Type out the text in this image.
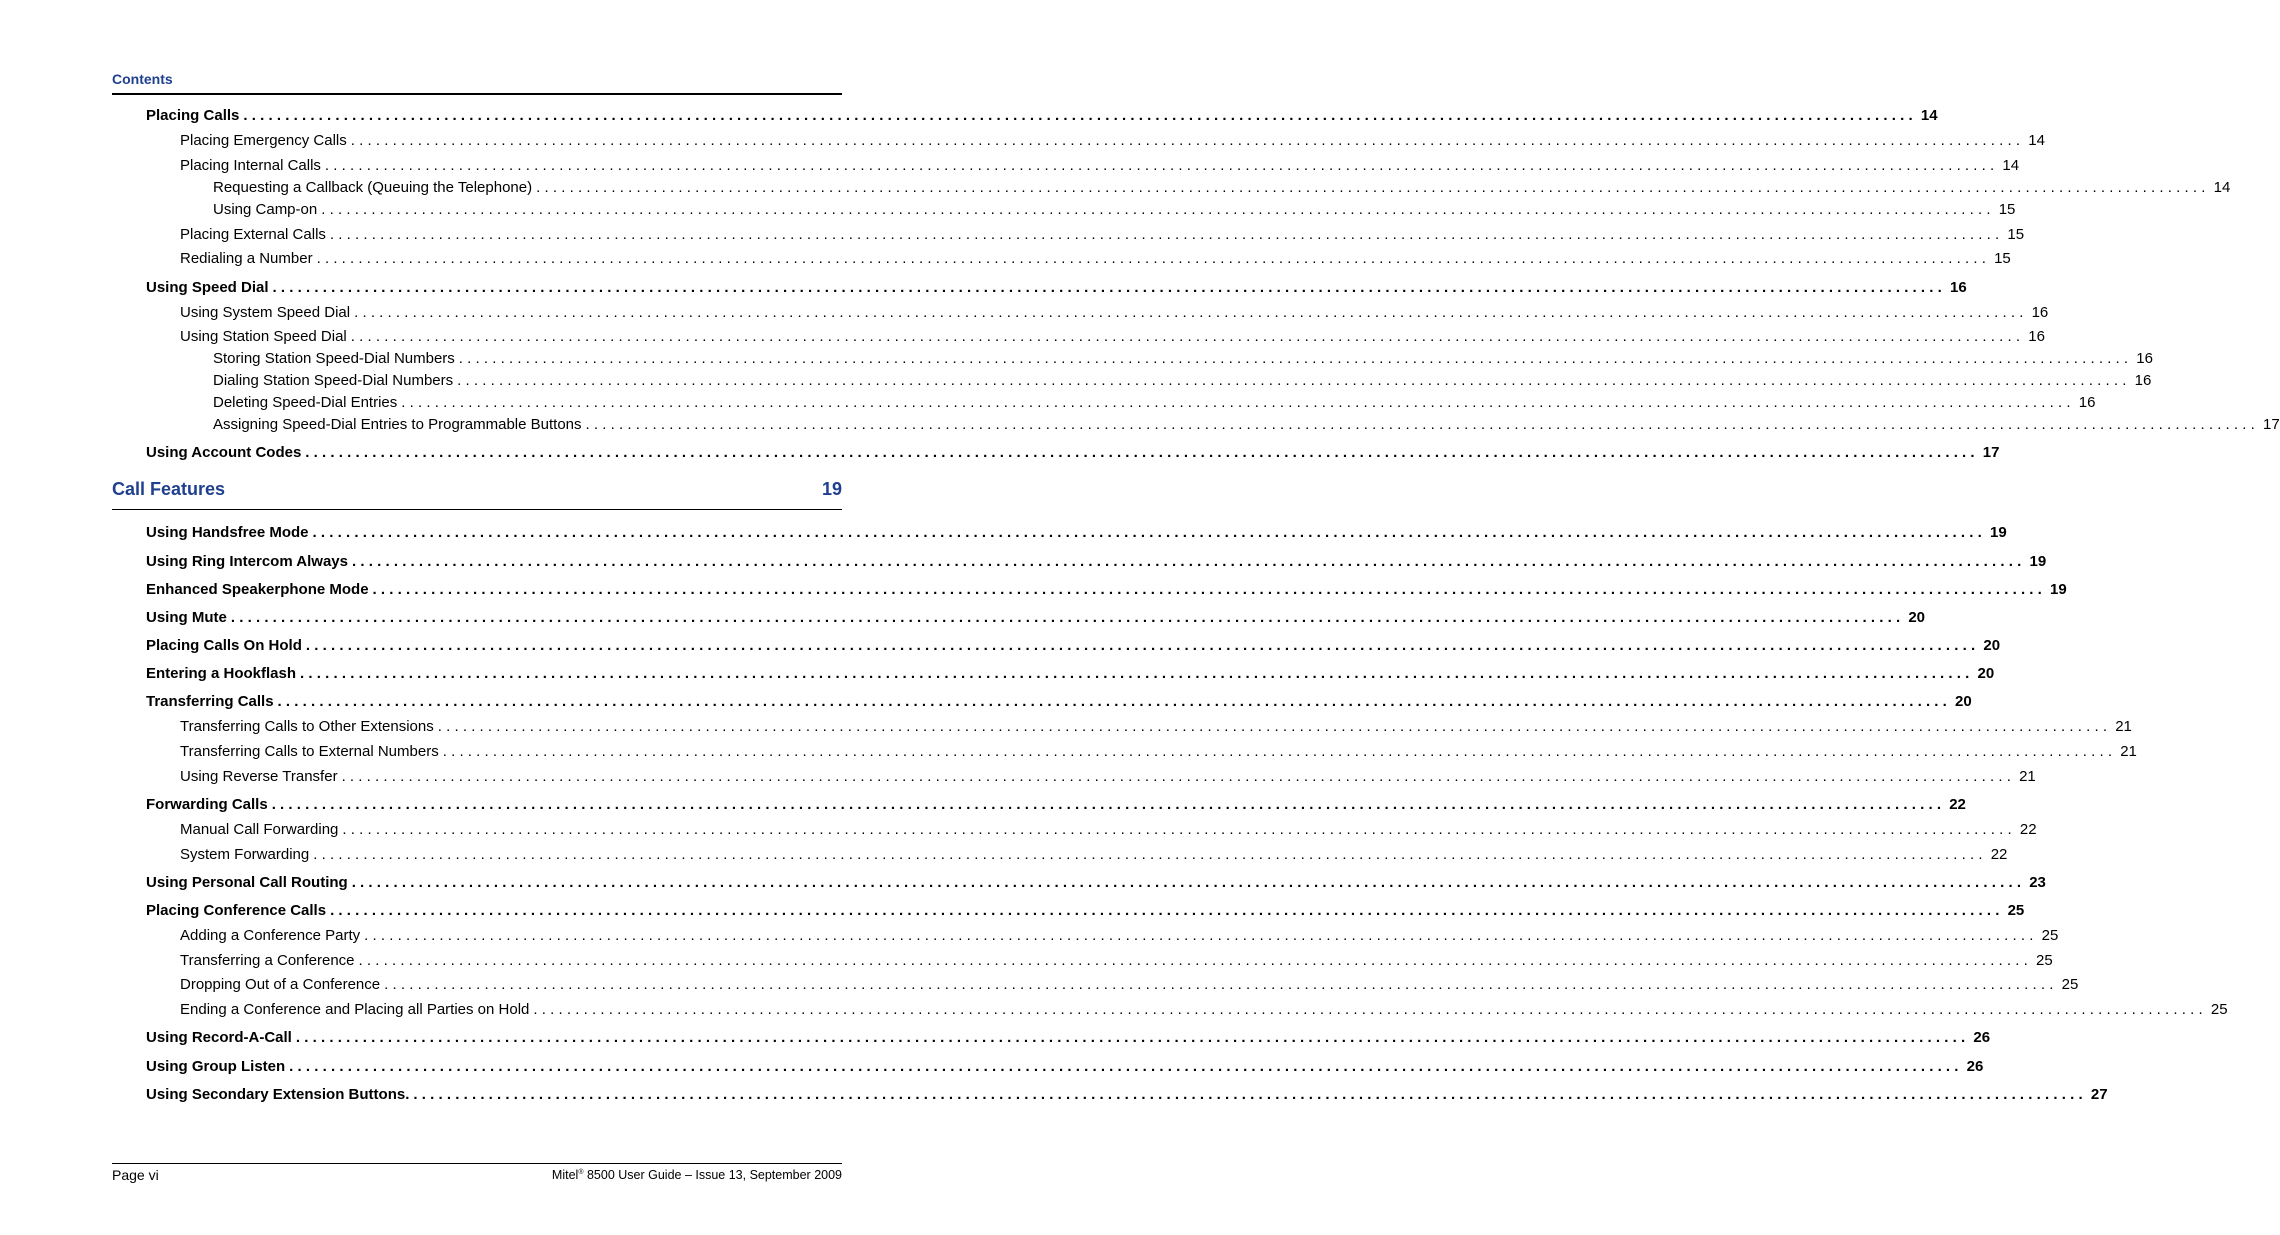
Contents
Placing Calls ........................................................................................................................................................................................................ 14
Placing Emergency Calls ........................................................................................................................................................................................................ 14
Placing Internal Calls ........................................................................................................................................................................................................ 14
Requesting a Callback (Queuing the Telephone) ........................................................................................................................................................................................................ 14
Using Camp-on ........................................................................................................................................................................................................ 15
Placing External Calls ........................................................................................................................................................................................................ 15
Redialing a Number ........................................................................................................................................................................................................ 15
Using Speed Dial ........................................................................................................................................................................................................ 16
Using System Speed Dial ........................................................................................................................................................................................................ 16
Using Station Speed Dial ........................................................................................................................................................................................................ 16
Storing Station Speed-Dial Numbers ........................................................................................................................................................................................................ 16
Dialing Station Speed-Dial Numbers ........................................................................................................................................................................................................ 16
Deleting Speed-Dial Entries ........................................................................................................................................................................................................ 16
Assigning Speed-Dial Entries to Programmable Buttons ........................................................................................................................................................................................................ 17
Using Account Codes ........................................................................................................................................................................................................ 17
Call Features	19
Using Handsfree Mode ........................................................................................................................................................................................................ 19
Using Ring Intercom Always ........................................................................................................................................................................................................ 19
Enhanced Speakerphone Mode ........................................................................................................................................................................................................ 19
Using Mute ........................................................................................................................................................................................................ 20
Placing Calls On Hold ........................................................................................................................................................................................................ 20
Entering a Hookflash ........................................................................................................................................................................................................ 20
Transferring Calls ........................................................................................................................................................................................................ 20
Transferring Calls to Other Extensions ........................................................................................................................................................................................................ 21
Transferring Calls to External Numbers ........................................................................................................................................................................................................ 21
Using Reverse Transfer ........................................................................................................................................................................................................ 21
Forwarding Calls ........................................................................................................................................................................................................ 22
Manual Call Forwarding ........................................................................................................................................................................................................ 22
System Forwarding ........................................................................................................................................................................................................ 22
Using Personal Call Routing ........................................................................................................................................................................................................ 23
Placing Conference Calls ........................................................................................................................................................................................................ 25
Adding a Conference Party ........................................................................................................................................................................................................ 25
Transferring a Conference ........................................................................................................................................................................................................ 25
Dropping Out of a Conference ........................................................................................................................................................................................................ 25
Ending a Conference and Placing all Parties on Hold ........................................................................................................................................................................................................ 25
Using Record-A-Call ........................................................................................................................................................................................................ 26
Using Group Listen ........................................................................................................................................................................................................ 26
Using Secondary Extension Buttons. ........................................................................................................................................................................................................ 27
Page vi	Mitel® 8500 User Guide – Issue 13, September 2009
